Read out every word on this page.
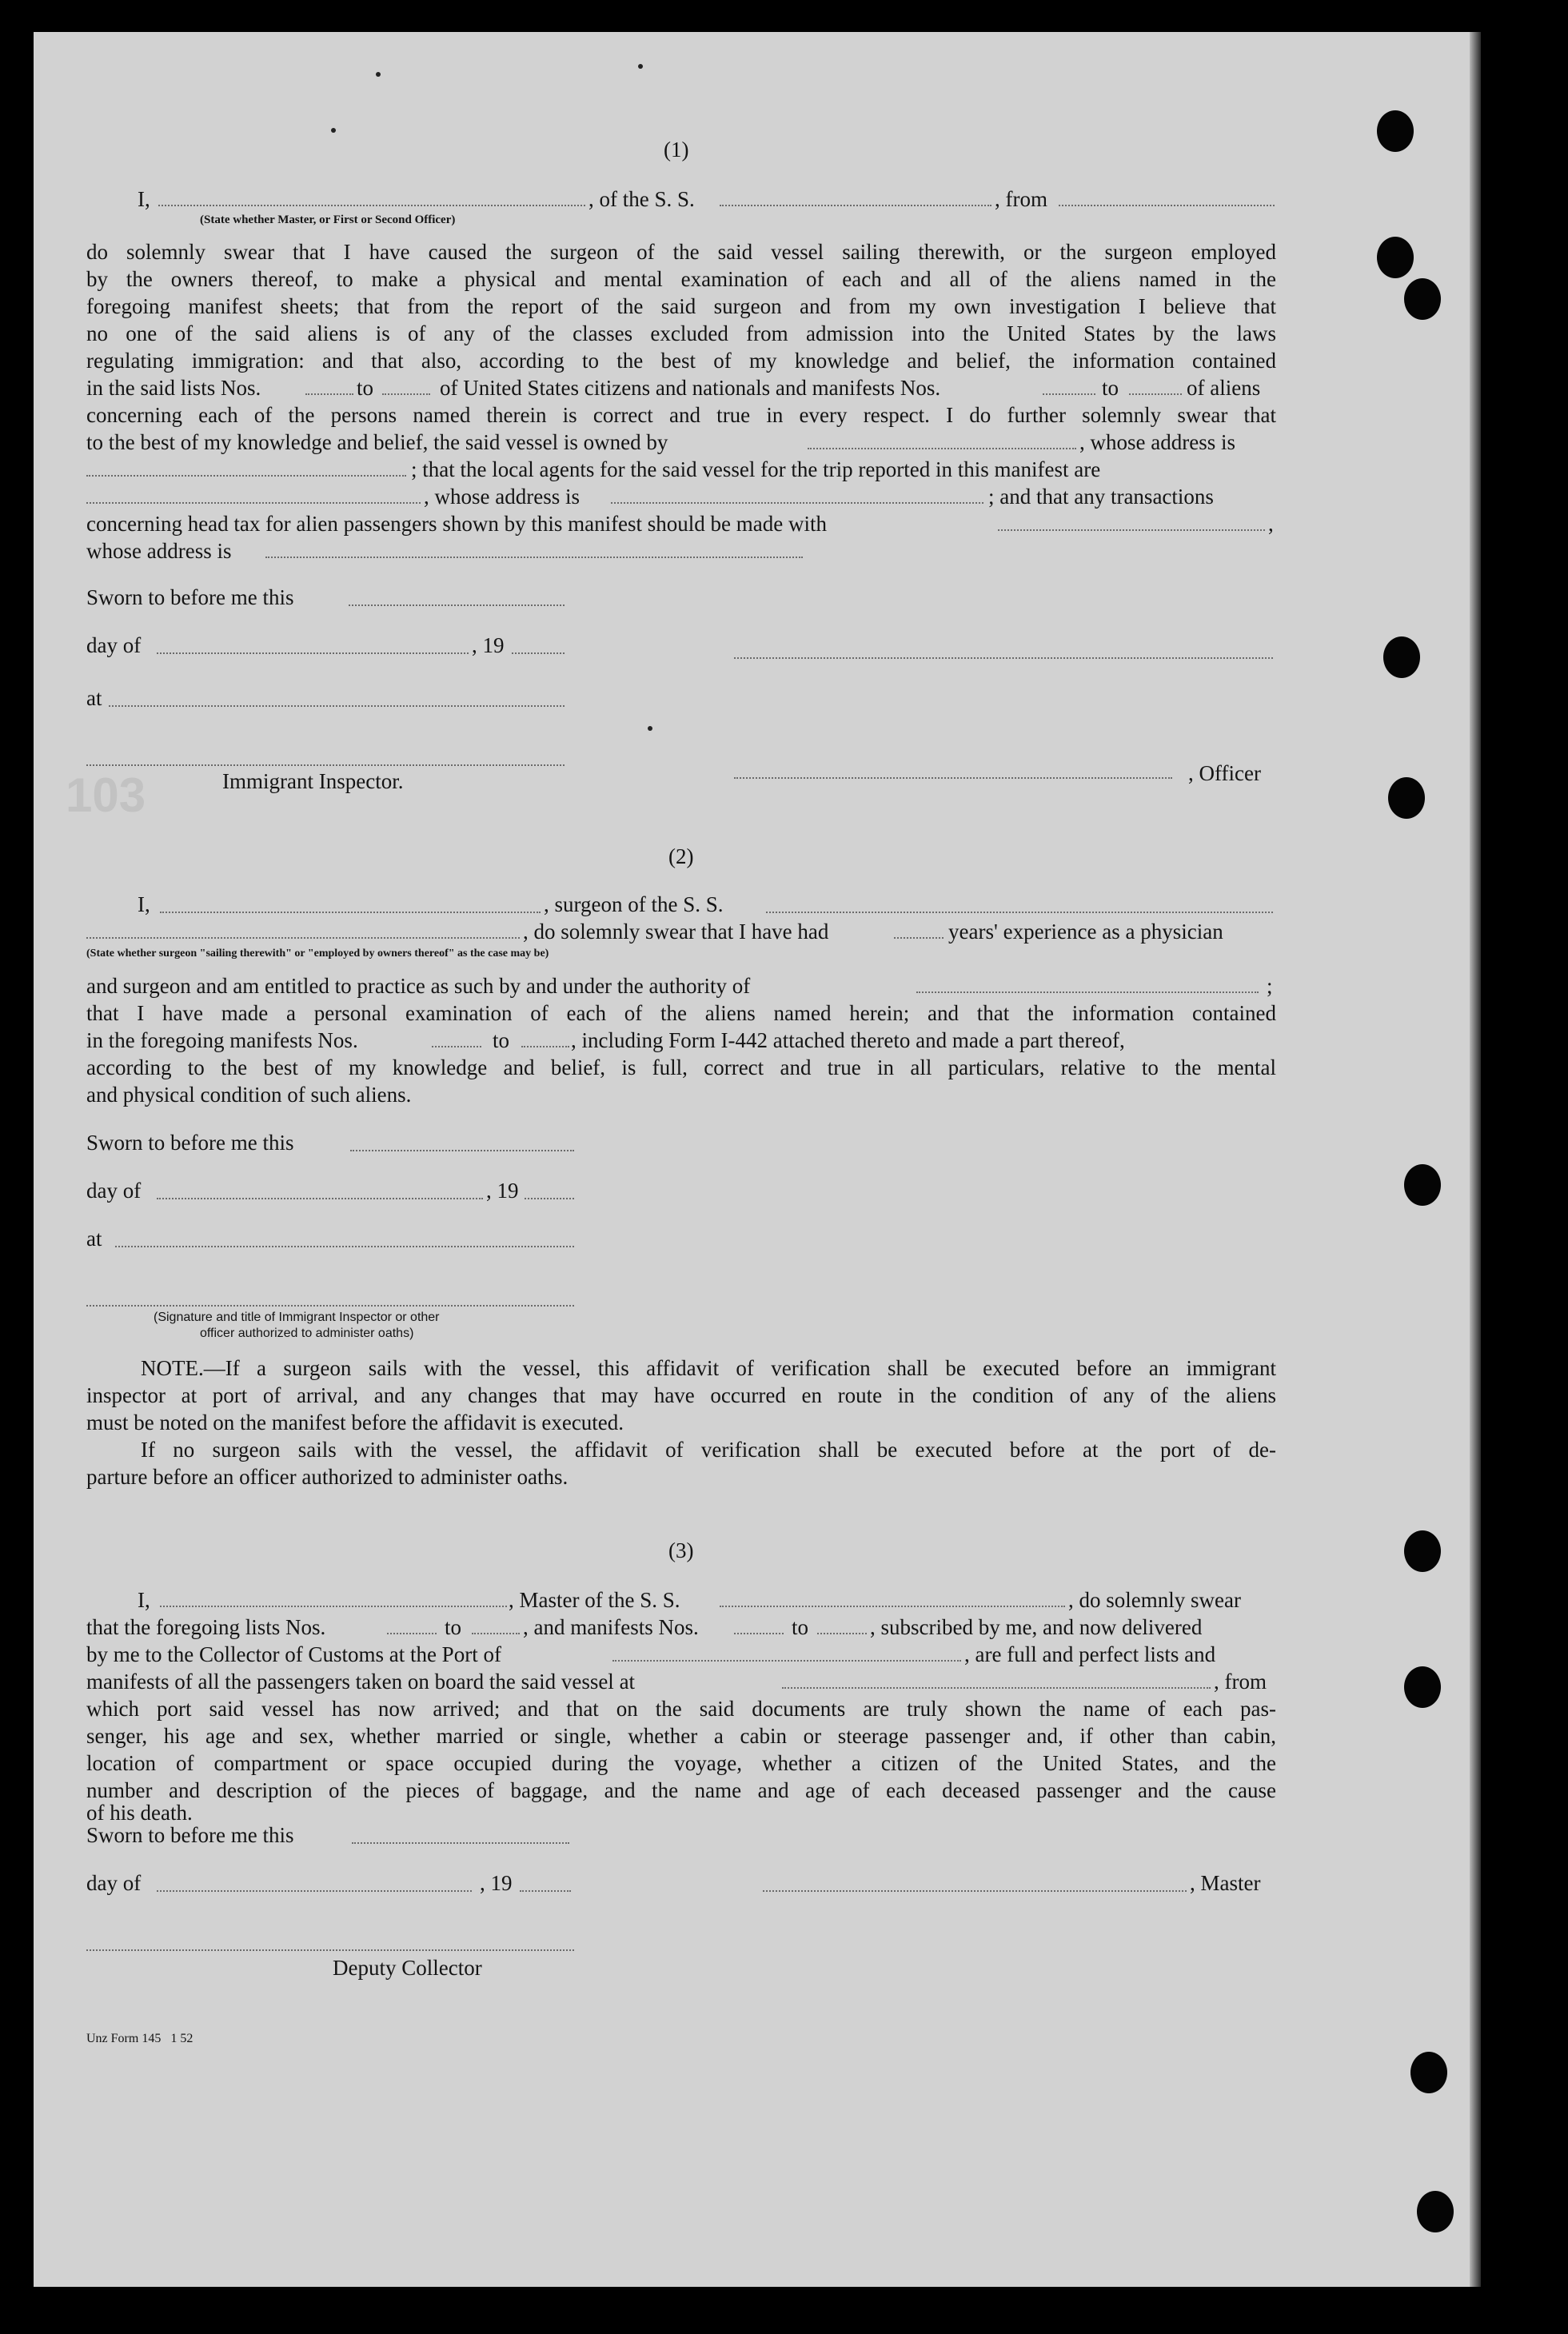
(1)
I,	, of the S. S.	, from
(State whether Master, or First or Second Officer)
do solemnly swear that I have caused the surgeon of the said vessel sailing therewith, or the surgeon employed
by the owners thereof, to make a physical and mental examination of each and all of the aliens named in the
foregoing manifest sheets; that from the report of the said surgeon and from my own investigation I believe that
no one of the said aliens is of any of the classes excluded from admission into the United States by the laws
regulating immigration: and that also, according to the best of my knowledge and belief, the information contained
in the said lists Nos.	to	of United States citizens and nationals and manifests Nos.	to	of aliens
concerning each of the persons named therein is correct and true in every respect. I do further solemnly swear that
to the best of my knowledge and belief, the said vessel is owned by	, whose address is
; that the local agents for the said vessel for the trip reported in this manifest are
, whose address is	; and that any transactions
concerning head tax for alien passengers shown by this manifest should be made with	,
whose address is
Sworn to before me this
day of	, 19
at
103	Immigrant Inspector.	, Officer
(2)
I,	, surgeon of the S. S.
, do solemnly swear that I have had	years' experience as a physician
(State whether surgeon "sailing therewith" or "employed by owners thereof" as the case may be)
and surgeon and am entitled to practice as such by and under the authority of	;
that I have made a personal examination of each of the aliens named herein; and that the information contained
in the foregoing manifests Nos.	to	, including Form I-442 attached thereto and made a part thereof,
according to the best of my knowledge and belief, is full, correct and true in all particulars, relative to the mental
and physical condition of such aliens.
Sworn to before me this
day of	, 19
at
(Signature and title of Immigrant Inspector or other
officer authorized to administer oaths)
NOTE.—If a surgeon sails with the vessel, this affidavit of verification shall be executed before an immigrant
inspector at port of arrival, and any changes that may have occurred en route in the condition of any of the aliens
must be noted on the manifest before the affidavit is executed.
If no surgeon sails with the vessel, the affidavit of verification shall be executed before at the port of de-
parture before an officer authorized to administer oaths.
(3)
I,	, Master of the S. S.	, do solemnly swear
that the foregoing lists Nos.	to	, and manifests Nos.	to	, subscribed by me, and now delivered
by me to the Collector of Customs at the Port of	, are full and perfect lists and
manifests of all the passengers taken on board the said vessel at	, from
which port said vessel has now arrived; and that on the said documents are truly shown the name of each pas-
senger, his age and sex, whether married or single, whether a cabin or steerage passenger and, if other than cabin,
location of compartment or space occupied during the voyage, whether a citizen of the United States, and the
number and description of the pieces of baggage, and the name and age of each deceased passenger and the cause
of his death.
Sworn to before me this
day of	, 19	, Master
Deputy Collector
Unz Form 145   1 52
